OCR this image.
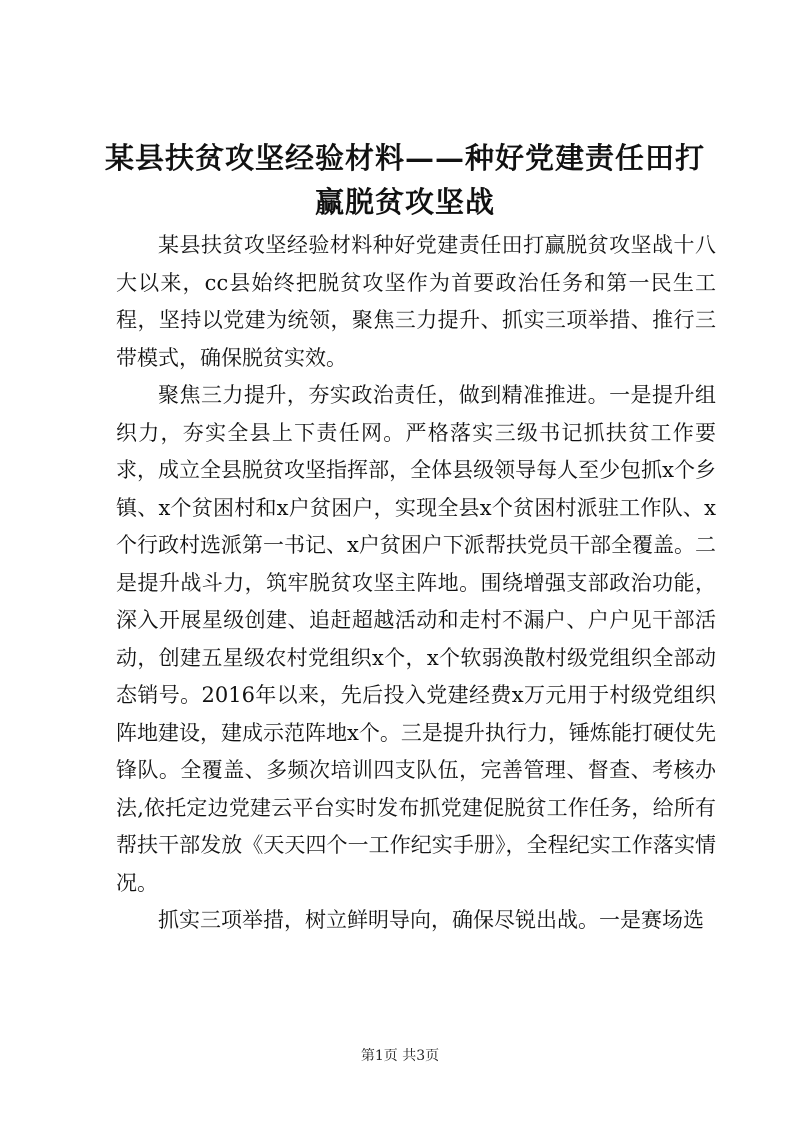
某县扶贫攻坚经验材料——种好党建责任田打赢脱贫攻坚战

某县扶贫攻坚经验材料种好党建责任田打赢脱贫攻坚战十八大以来，cc县始终把脱贫攻坚作为首要政治任务和第一民生工程，坚持以党建为统领，聚焦三力提升、抓实三项举措、推行三带模式，确保脱贫实效。

聚焦三力提升，夯实政治责任，做到精准推进。一是提升组织力，夯实全县上下责任网。严格落实三级书记抓扶贫工作要求，成立全县脱贫攻坚指挥部，全体县级领导每人至少包抓x个乡镇、x个贫困村和x户贫困户，实现全县x个贫困村派驻工作队、x个行政村选派第一书记、x户贫困户下派帮扶党员干部全覆盖。二是提升战斗力，筑牢脱贫攻坚主阵地。围绕增强支部政治功能，深入开展星级创建、追赶超越活动和走村不漏户、户户见干部活动，创建五星级农村党组织x个，x个软弱涣散村级党组织全部动态销号。2016年以来，先后投入党建经费x万元用于村级党组织阵地建设，建成示范阵地x个。三是提升执行力，锤炼能打硬仗先锋队。全覆盖、多频次培训四支队伍，完善管理、督查、考核办法,依托定边党建云平台实时发布抓党建促脱贫工作任务，给所有帮扶干部发放《天天四个一工作纪实手册》，全程纪实工作落实情况。

抓实三项举措，树立鲜明导向，确保尽锐出战。一是赛场选

第1页 共3页
